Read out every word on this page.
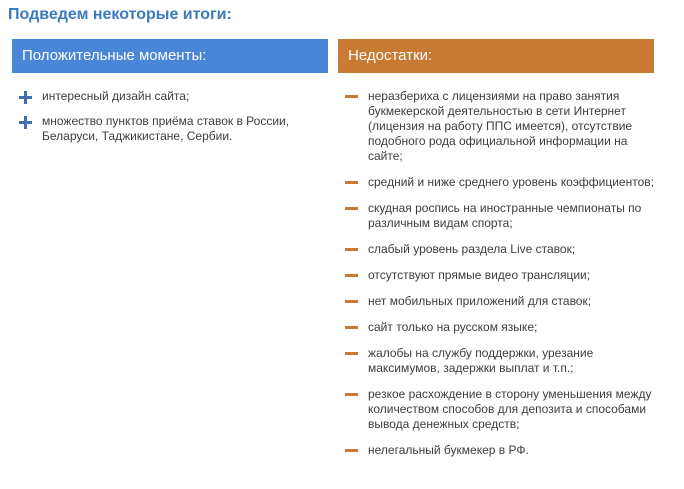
Подведем некоторые итоги:
Положительные моменты:
интересный дизайн сайта;
множество пунктов приёма ставок в России, Беларуси, Таджикистане, Сербии.
Недостатки:
неразбериха с лицензиями на право занятия букмекерской деятельностью в сети Интернет (лицензия на работу ППС имеется), отсутствие подобного рода официальной информации на сайте;
средний и ниже среднего уровень коэффициентов;
скудная роспись на иностранные чемпионаты по различным видам спорта;
слабый уровень раздела Live ставок;
отсутствуют прямые видео трансляции;
нет мобильных приложений для ставок;
сайт только на русском языке;
жалобы на службу поддержки, урезание максимумов, задержки выплат и т.п.;
резкое расхождение в сторону уменьшения между количеством способов для депозита и способами вывода денежных средств;
нелегальный букмекер в РФ.
